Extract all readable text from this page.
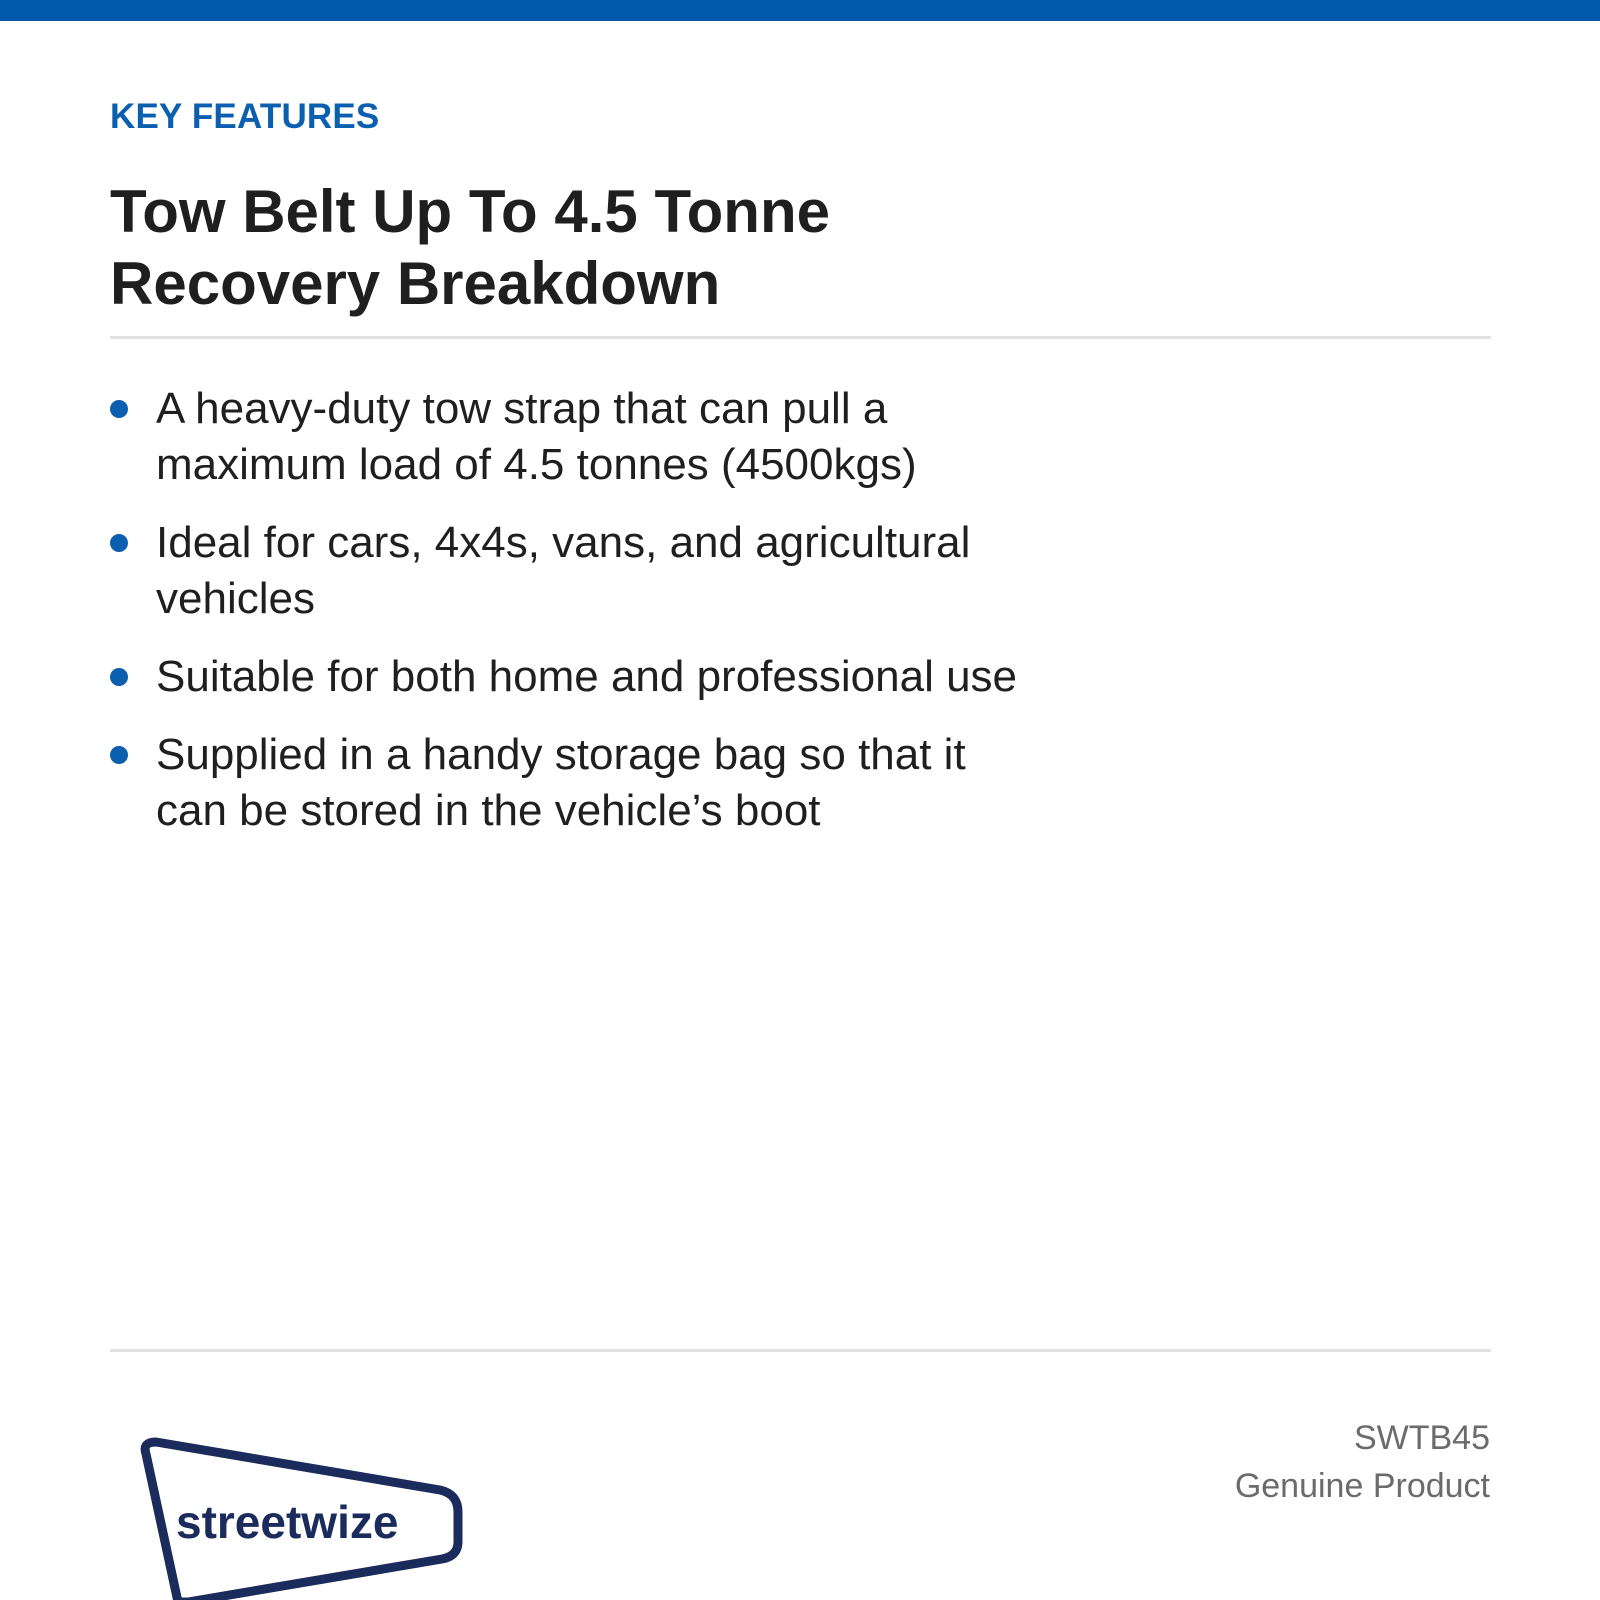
KEY FEATURES
Tow Belt Up To 4.5 Tonne
Recovery Breakdown
A heavy-duty tow strap that can pull a maximum load of 4.5 tonnes (4500kgs)
Ideal for cars, 4x4s, vans, and agricultural vehicles
Suitable for both home and professional use
Supplied in a handy storage bag so that it can be stored in the vehicle’s boot
streetwize
SWTB45
Genuine Product
